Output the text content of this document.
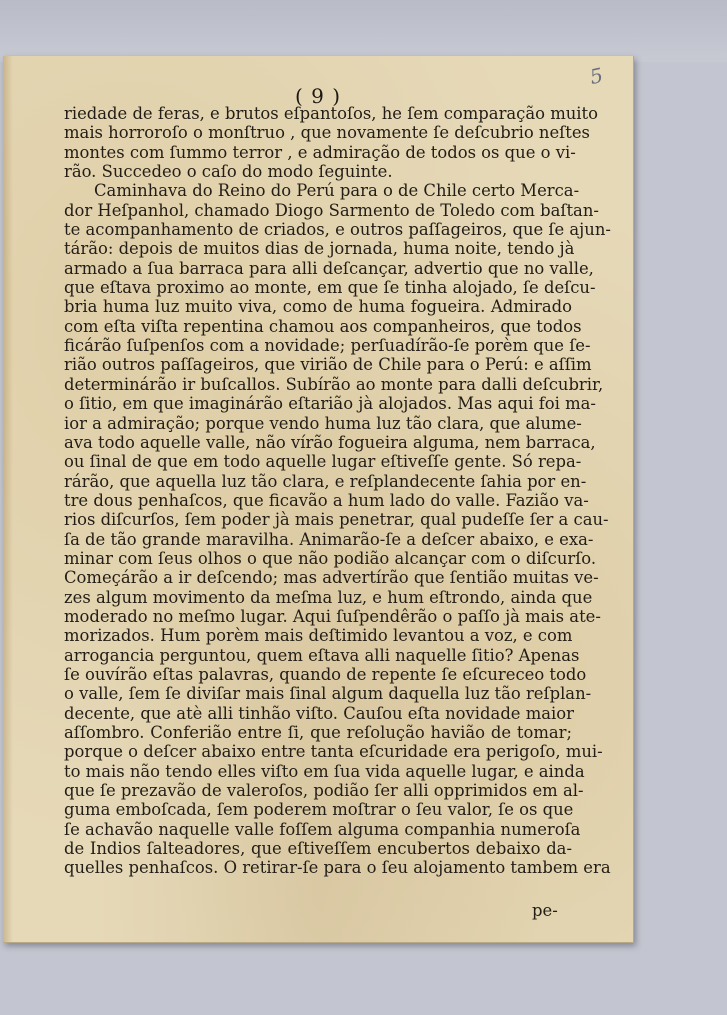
5
( 9 )
riedade de feras, e brutos eſpantoſos, he ſem comparação muito
mais horroroſo o monſtruo , que novamente ſe deſcubrio neſtes
montes com ſummo terror , e admiração de todos os que o vi-
rão. Succedeo o caſo do modo ſeguinte.
Caminhava do Reino do Perú para o de Chile certo Merca-
dor Heſpanhol, chamado Diogo Sarmento de Toledo com baſtan-
te acompanhamento de criados, e outros paſſageiros, que ſe ajun-
tárão: depois de muitos dias de jornada, huma noite, tendo jà
armado a ſua barraca para alli deſcançar, advertio que no valle,
que eſtava proximo ao monte, em que ſe tinha alojado, ſe deſcu-
bria huma luz muito viva, como de huma fogueira. Admirado
com eſta viſta repentina chamou aos companheiros, que todos
ficárão ſuſpenſos com a novidade; perſuadírão-ſe porèm que ſe-
rião outros paſſageiros, que virião de Chile para o Perú: e aſſim
determinárão ir buſcallos. Subírão ao monte para dalli deſcubrir,
o ſitio, em que imaginárão eſtarião jà alojados. Mas aqui foi ma-
ior a admiração; porque vendo huma luz tão clara, que alume-
ava todo aquelle valle, não vírão fogueira alguma, nem barraca,
ou ſinal de que em todo aquelle lugar eſtiveſſe gente. Só repa-
rárão, que aquella luz tão clara, e reſplandecente ſahia por en-
tre dous penhaſcos, que ficavão a hum lado do valle. Fazião va-
rios diſcurſos, ſem poder jà mais penetrar, qual pudeſſe ſer a cau-
ſa de tão grande maravilha. Animarão-ſe a deſcer abaixo, e exa-
minar com ſeus olhos o que não podião alcançar com o diſcurſo.
Começárão a ir deſcendo; mas advertírão que ſentião muitas ve-
zes algum movimento da meſma luz, e hum eſtrondo, ainda que
moderado no meſmo lugar. Aqui ſuſpendêrão o paſſo jà mais ate-
morizados. Hum porèm mais deſtimido levantou a voz, e com
arrogancia perguntou, quem eſtava alli naquelle ſitio? Apenas
ſe ouvírão eſtas palavras, quando de repente ſe eſcureceo todo
o valle, ſem ſe diviſar mais ſinal algum daquella luz tão reſplan-
decente, que atè alli tinhão viſto. Cauſou eſta novidade maior
aſſombro. Conferião entre ſi, que reſolução havião de tomar;
porque o deſcer abaixo entre tanta eſcuridade era perigoſo, mui-
to mais não tendo elles viſto em ſua vida aquelle lugar, e ainda
que ſe prezavão de valeroſos, podião ſer alli opprimidos em al-
guma emboſcada, ſem poderem moſtrar o ſeu valor, ſe os que
ſe achavão naquelle valle foſſem alguma companhia numeroſa
de Indios ſalteadores, que eſtiveſſem encubertos debaixo da-
quelles penhaſcos. O retirar-ſe para o ſeu alojamento tambem era
pe-
